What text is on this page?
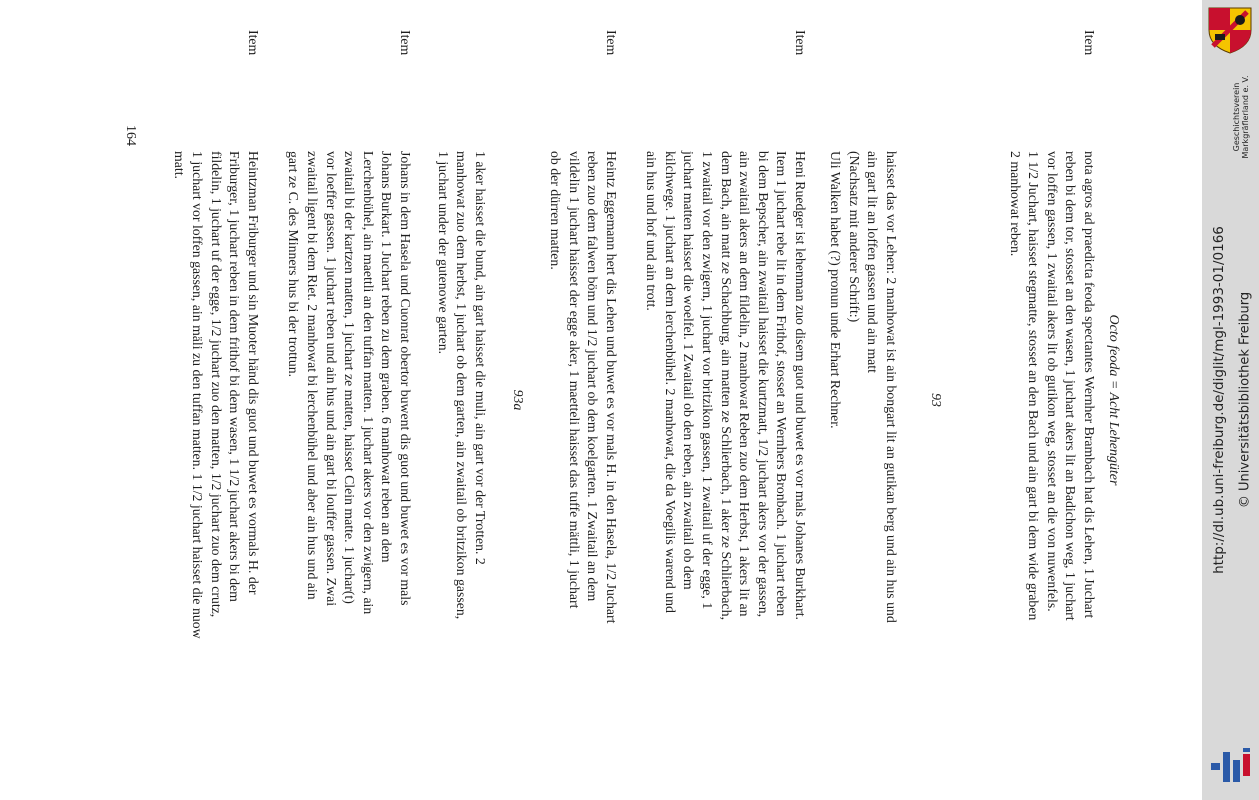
Octo feoda = Acht Lehengüter
Item
nota agros ad praedicta feoda spectantes Wernher Brambach hat dis Lehen, 1 Juchart
reben bi dem tor, stosset an den wasen, 1 juchart akers lit an Badichon weg, 1 juchart
vor loffen gassen, 1 zwaitail akers lit ob gutikon weg, stosset an die von nuwenfels.
1 1/2 Juchart, haisset stegmatte, stosset an den Bach und ain gart bi dem wide graben
2 manhowat reben.
93
haisset das vor Lehen: 2 manhowat ist ain bongart lit an gutikan berg und ain hus und
ain gart lit an loffen gassen und ain matt
(Nachsatz mit anderer Schrift:)
Uli Walken habet (?) pronun unde Erhart Rechner.
Item
Heni Ruedger ist lehenman zuo disem guot und buwet es vor mals Johanes Burkhart.
Item 1 juchart rebe lit in dem Frithof, stosset an Wernhers Bronbach. 1 juchart reben
bi dem Bepscher, ain zwaitail haisset die kurtzmatt, 1/2 juchart akers vor der gassen,
ain zwaitail akers an dem fildelin, 2 manhowat Reben zuo dem Herbst, 1 akers lit an
dem Bach, ain matt ze Schachburg, ain matten ze Schlierbach, 1 aker ze Schlierbach,
1 zwaitail vor den zwigern, 1 juchart vor britzikon gassen, 1 zwaitail uf der egge, 1
juchart matten haisset die woelfel. 1 Zwaitail ob den reben, ain zwaitail ob dem
kilchwege. 1 juchart an dem lerchenbühel. 2 manhowat, die da Voegilis warend und
ain hus und hof und ain trott.
Item
Heintz Eggemann hert dis Lehen und buwet es vor mals H. in den Hasela, 1/2 Juchart
reben zuo dem falwen böm und 1/2 juchart ob dem koelgarten. 1 Zwaitail an dem
vildelin 1 juchart haisset der egge aker, 1 maetteli haisset das tuffe mättli, 1 juchart
ob der dürren matten.
93a
1 aker haisset die bund, ain gart haisset die muli, ain gart vor der Trotten. 2
manhowat zuo dem herbst, 1 juchart ob dem garten, ain zwaitail ob britzikon gassen,
1 juchart under der gutenowe garten.
Item
Johans in dem Hasela und Cuonrat obertor buwent dis guot und buwet es vor mals
Johans Burkart. 1 Juchart reben zu dem graben. 6 manhowat reben an dem
Lerchenbühel, ain maettli an den tuffan matten. 1 juchart akers vor den zwigern, ain
zwaitail bi der kartzen matten, 1 juchart ze matten, haisset Clein matte. 1 juchar(t)
vor loeffer gassen. 1 juchart reben und ain hus und ain gart bi louffer gassen. Zwai
zwaitail ligent bi dem Riet. 2 manhowat bi lerchenbühel und aber ain hus und ain
gart ze C. des Minners hus bi der trottun.
Item
Heintzman Friburger und sin Muoter händ dis guot und buwet es vormals H. der
Friburger, 1 juchart reben in dem frithof bi dem wasen, 1 1/2 juchart akers bi dem
fildelin, 1 juchart uf der egge, 1/2 juchart zuo den matten, 1/2 juchart zuo dem crutz,
1 juchart vor loffen gassen, ain mäli zu den tuffan matten. 1 1/2 juchart haisset die nuow
matt.
164	Geschichtsverein
Markgräflerland e. V.
http://dl.ub.uni-freiburg.de/diglit/mgl-1993-01/0166 © Universitätsbibliothek Freiburg
